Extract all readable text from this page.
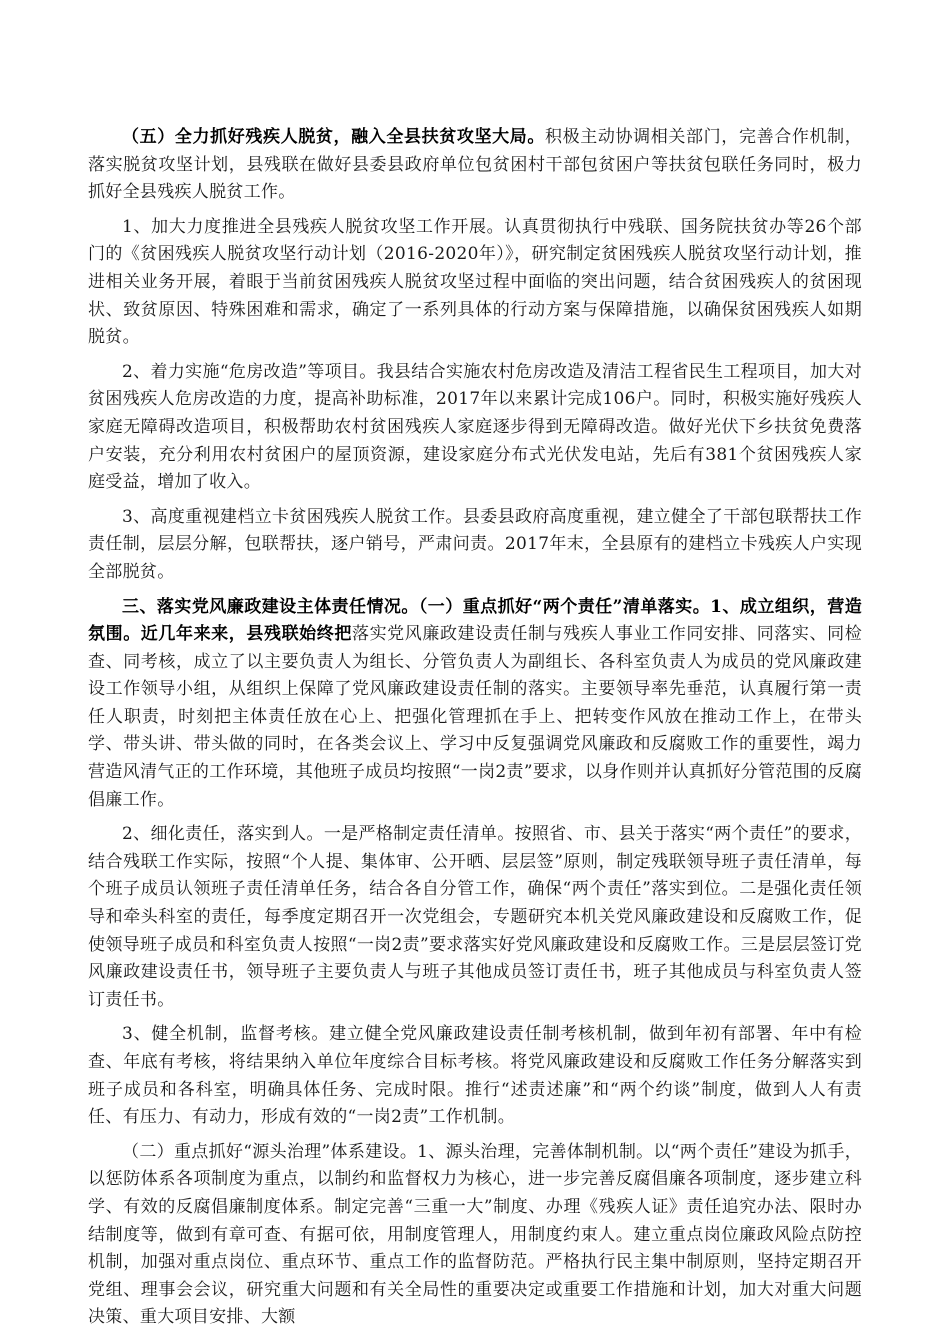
（五）全力抓好残疾人脱贫，融入全县扶贫攻坚大局。积极主动协调相关部门，完善合作机制，落实脱贫攻坚计划，县残联在做好县委县政府单位包贫困村干部包贫困户等扶贫包联任务同时，极力抓好全县残疾人脱贫工作。

1、加大力度推进全县残疾人脱贫攻坚工作开展。认真贯彻执行中残联、国务院扶贫办等26个部门的《贫困残疾人脱贫攻坚行动计划（2016-2020年）》，研究制定贫困残疾人脱贫攻坚行动计划，推进相关业务开展，着眼于当前贫困残疾人脱贫攻坚过程中面临的突出问题，结合贫困残疾人的贫困现状、致贫原因、特殊困难和需求，确定了一系列具体的行动方案与保障措施，以确保贫困残疾人如期脱贫。

2、着力实施“危房改造”等项目。我县结合实施农村危房改造及清洁工程省民生工程项目，加大对贫困残疾人危房改造的力度，提高补助标准，2017年以来累计完成106户。同时，积极实施好残疾人家庭无障碍改造项目，积极帮助农村贫困残疾人家庭逐步得到无障碍改造。做好光伏下乡扶贫免费落户安装，充分利用农村贫困户的屋顶资源，建设家庭分布式光伏发电站，先后有381个贫困残疾人家庭受益，增加了收入。

3、高度重视建档立卡贫困残疾人脱贫工作。县委县政府高度重视，建立健全了干部包联帮扶工作责任制，层层分解，包联帮扶，逐户销号，严肃问责。2017年末，全县原有的建档立卡残疾人户实现全部脱贫。

三、落实党风廉政建设主体责任情况。（一）重点抓好“两个责任”清单落实。1、成立组织，营造氛围。近几年来来，县残联始终把落实党风廉政建设责任制与残疾人事业工作同安排、同落实、同检查、同考核，成立了以主要负责人为组长、分管负责人为副组长、各科室负责人为成员的党风廉政建设工作领导小组，从组织上保障了党风廉政建设责任制的落实。主要领导率先垂范，认真履行第一责任人职责，时刻把主体责任放在心上、把强化管理抓在手上、把转变作风放在推动工作上，在带头学、带头讲、带头做的同时，在各类会议上、学习中反复强调党风廉政和反腐败工作的重要性，竭力营造风清气正的工作环境，其他班子成员均按照“一岗2责”要求，以身作则并认真抓好分管范围的反腐倡廉工作。

2、细化责任，落实到人。一是严格制定责任清单。按照省、市、县关于落实“两个责任”的要求，结合残联工作实际，按照“个人提、集体审、公开晒、层层签”原则，制定残联领导班子责任清单，每个班子成员认领班子责任清单任务，结合各自分管工作，确保“两个责任”落实到位。二是强化责任领导和牵头科室的责任，每季度定期召开一次党组会，专题研究本机关党风廉政建设和反腐败工作，促使领导班子成员和科室负责人按照“一岗2责”要求落实好党风廉政建设和反腐败工作。三是层层签订党风廉政建设责任书，领导班子主要负责人与班子其他成员签订责任书，班子其他成员与科室负责人签订责任书。

3、健全机制，监督考核。建立健全党风廉政建设责任制考核机制，做到年初有部署、年中有检查、年底有考核，将结果纳入单位年度综合目标考核。将党风廉政建设和反腐败工作任务分解落实到班子成员和各科室，明确具体任务、完成时限。推行“述责述廉”和“两个约谈”制度，做到人人有责任、有压力、有动力，形成有效的“一岗2责”工作机制。

（二）重点抓好“源头治理”体系建设。1、源头治理，完善体制机制。以“两个责任”建设为抓手，以惩防体系各项制度为重点，以制约和监督权力为核心，进一步完善反腐倡廉各项制度，逐步建立科学、有效的反腐倡廉制度体系。制定完善“三重一大”制度、办理《残疾人证》责任追究办法、限时办结制度等，做到有章可查、有据可依，用制度管理人，用制度约束人。建立重点岗位廉政风险点防控机制，加强对重点岗位、重点环节、重点工作的监督防范。严格执行民主集中制原则，坚持定期召开党组、理事会会议，研究重大问题和有关全局性的重要决定或重要工作措施和计划，加大对重大问题决策、重大项目安排、大额
